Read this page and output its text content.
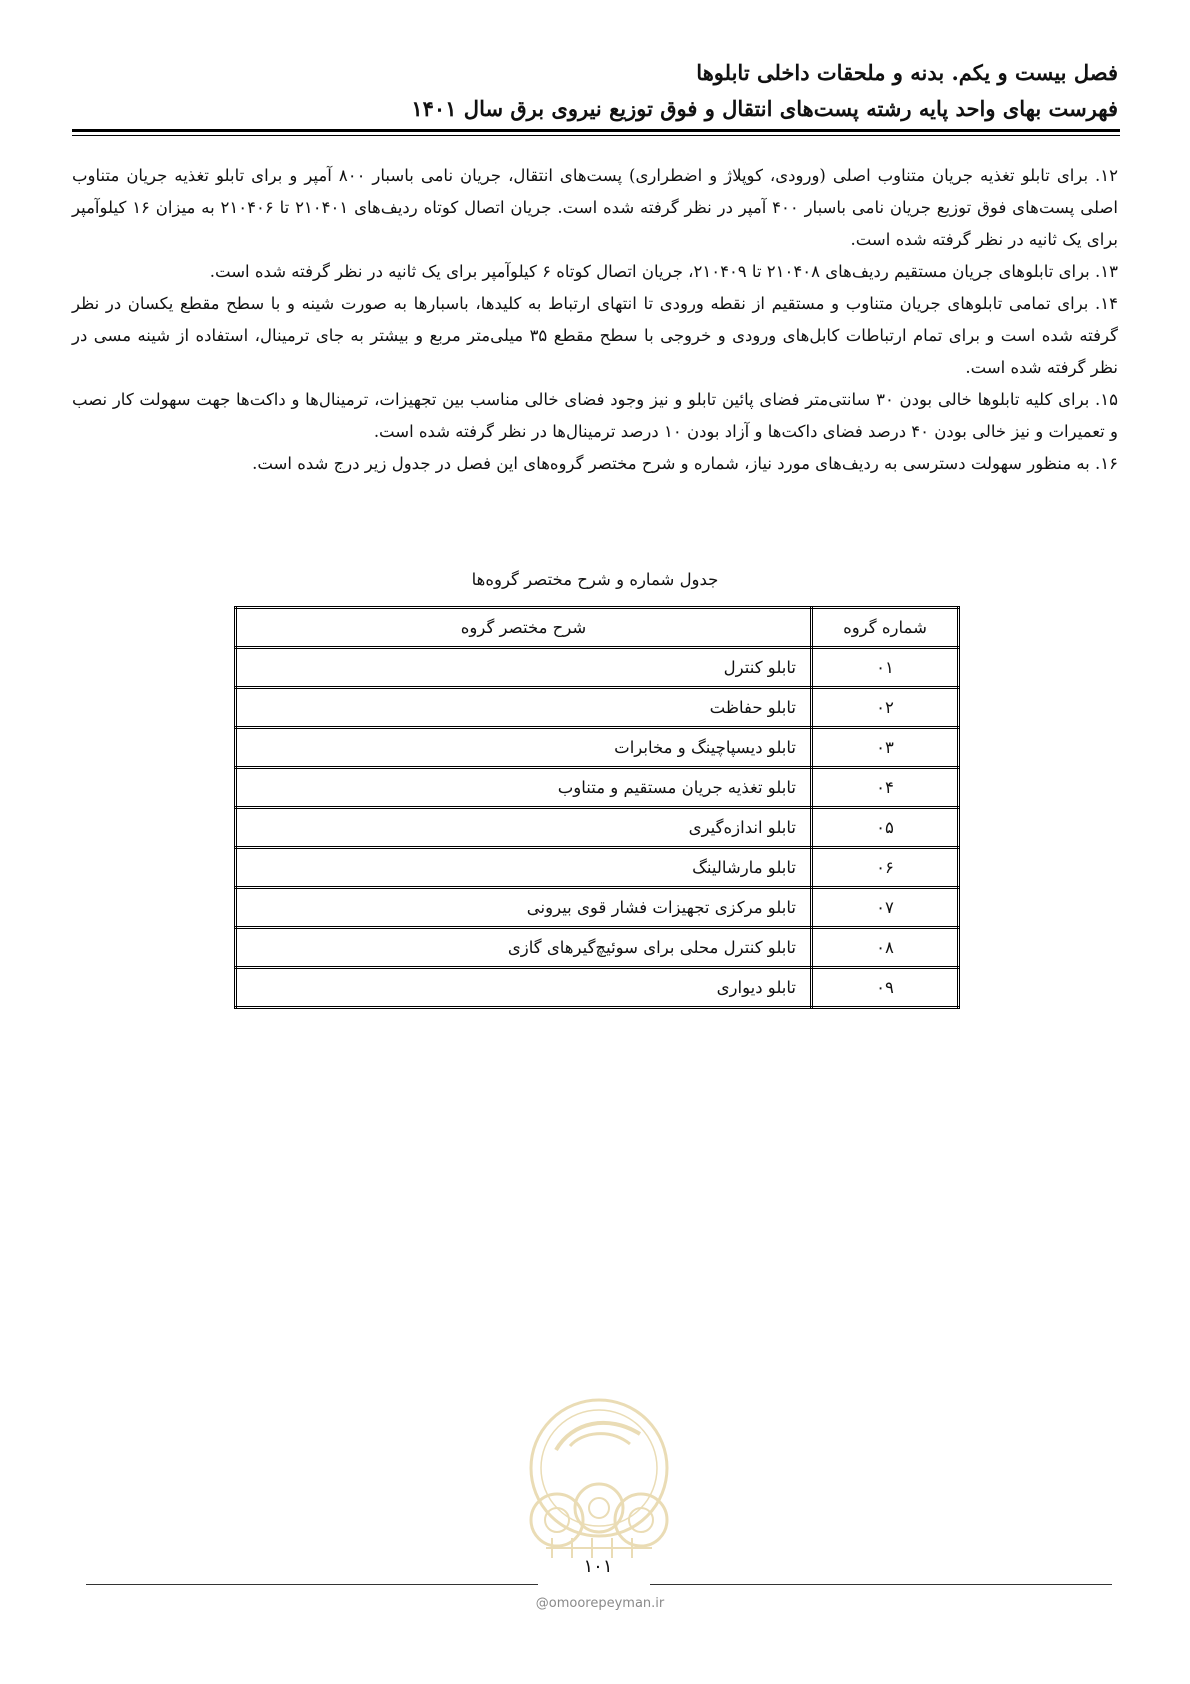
فصل بیست و یکم. بدنه و ملحقات داخلی تابلوها
فهرست بهای واحد پایه رشته پست‌های انتقال و فوق توزیع نیروی برق سال ۱۴۰۱

۱۲. برای تابلو تغذیه جریان متناوب اصلی (ورودی، کوپلاژ و اضطراری) پست‌های انتقال، جریان نامی باسبار ۸۰۰ آمپر و برای تابلو تغذیه جریان متناوب اصلی پست‌های فوق توزیع جریان نامی باسبار ۴۰۰ آمپر در نظر گرفته شده است. جریان اتصال کوتاه ردیف‌های ۲۱۰۴۰۱ تا ۲۱۰۴۰۶ به میزان ۱۶ کیلوآمپر برای یک ثانیه در نظر گرفته شده است.

۱۳. برای تابلوهای جریان مستقیم ردیف‌های ۲۱۰۴۰۸ تا ۲۱۰۴۰۹، جریان اتصال کوتاه ۶ کیلوآمپر برای یک ثانیه در نظر گرفته شده است.

۱۴. برای تمامی تابلوهای جریان متناوب و مستقیم از نقطه ورودی تا انتهای ارتباط به کلیدها، باسبارها به صورت شینه و با سطح مقطع یکسان در نظر گرفته شده است و برای تمام ارتباطات کابل‌های ورودی و خروجی با سطح مقطع ۳۵ میلی‌متر مربع و بیشتر به جای ترمینال، استفاده از شینه مسی در نظر گرفته شده است.

۱۵. برای کلیه تابلوها خالی بودن ۳۰ سانتی‌متر فضای پائین تابلو و نیز وجود فضای خالی مناسب بین تجهیزات، ترمینال‌ها و داکت‌ها جهت سهولت کار نصب و تعمیرات و نیز خالی بودن ۴۰ درصد فضای داکت‌ها و آزاد بودن ۱۰ درصد ترمینال‌ها در نظر گرفته شده است.

۱۶. به منظور سهولت دسترسی به ردیف‌های مورد نیاز، شماره و شرح مختصر گروه‌های این فصل در جدول زیر درج شده است.

جدول شماره و شرح مختصر گروه‌ها
شماره گروه	شرح مختصر گروه
۰۱	تابلو کنترل
۰۲	تابلو حفاظت
۰۳	تابلو دیسپاچینگ و مخابرات
۰۴	تابلو تغذیه جریان مستقیم و متناوب
۰۵	تابلو اندازه‌گیری
۰۶	تابلو مارشالینگ
۰۷	تابلو مرکزی تجهیزات فشار قوی بیرونی
۰۸	تابلو کنترل محلی برای سوئیچ‌گیرهای گازی
۰۹	تابلو دیواری
۱۰۱
@omoorepeyman.ir
